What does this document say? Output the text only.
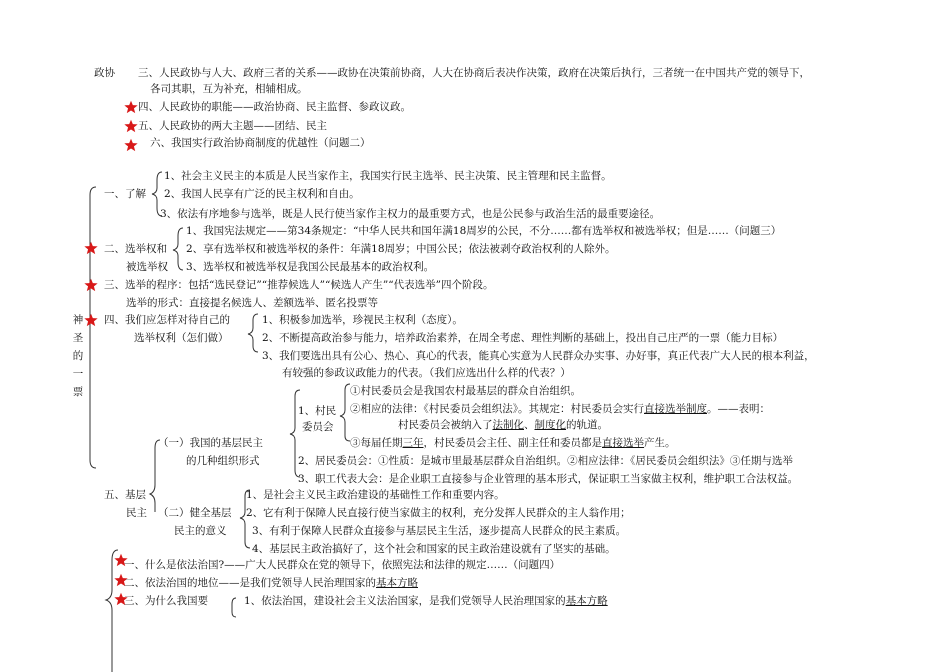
政协 三、人民政协与人大、政府三者的关系——政协在决策前协商，人大在协商后表决作决策，政府在决策后执行，三者统一在中国共产党的领导下，
各司其职，互为补充，相辅相成。
四、人民政协的职能——政治协商、民主监督、参政议政。
五、人民政协的两大主题——团结、民主
六、我国实行政治协商制度的优越性（问题二）
一、了解
1、社会主义民主的本质是人民当家作主，我国实行民主选举、民主决策、民主管理和民主监督。
2、我国人民享有广泛的民主权利和自由。
3、依法有序地参与选举，既是人民行使当家作主权力的最重要方式，也是公民参与政治生活的最重要途径。
二、选举权和
被选举权
1、我国宪法规定——第34条规定：“中华人民共和国年满18周岁的公民，不分……都有选举权和被选举权；但是……（问题三）
2、享有选举权和被选举权的条件：年满18周岁；中国公民；依法被剥夺政治权利的人除外。
3、选举权和被选举权是我国公民最基本的政治权利。
三、选举的程序：包括“选民登记”“推荐候选人”“候选人产生”“代表选举”四个阶段。
选举的形式：直接提名候选人、差额选举、匿名投票等
神
圣
的
一
票
四、我们应怎样对待自己的
选举权利（怎们做）
1、积极参加选举，珍视民主权利（态度）。
2、不断提高政治参与能力，培养政治素养，在周全考虑、理性判断的基础上，投出自己庄严的一票（能力目标）
3、我们要选出具有公心、热心、真心的代表，能真心实意为人民群众办实事、办好事，真正代表广大人民的根本利益，
有较强的参政议政能力的代表。（我们应选出什么样的代表？）
五、基层
民主
（一）我国的基层民主
的几种组织形式
1、村民
委员会
①村民委员会是我国农村最基层的群众自治组织。
②相应的法律：《村民委员会组织法》。其规定：村民委员会实行直接选举制度。——表明：
村民委员会被纳入了法制化、制度化的轨道。
③每届任期三年，村民委员会主任、副主任和委员都是直接选举产生。
2、居民委员会：①性质：是城市里最基层群众自治组织。②相应法律：《居民委员会组织法》③任期与选举
3、职工代表大会：是企业职工直接参与企业管理的基本形式，保证职工当家做主权利，维护职工合法权益。
（二）健全基层
民主的意义
1、是社会主义民主政治建设的基础性工作和重要内容。
2、它有利于保障人民直接行使当家做主的权利，充分发挥人民群众的主人翁作用；
3、有利于保障人民群众直接参与基层民主生活，逐步提高人民群众的民主素质。
4、基层民主政治搞好了，这个社会和国家的民主政治建设就有了坚实的基础。
一、什么是依法治国?——广大人民群众在党的领导下，依照宪法和法律的规定……（问题四）
二、依法治国的地位——是我们党领导人民治理国家的基本方略
三、为什么我国要	1、依法治国，建设社会主义法治国家，是我们党领导人民治理国家的基本方略
